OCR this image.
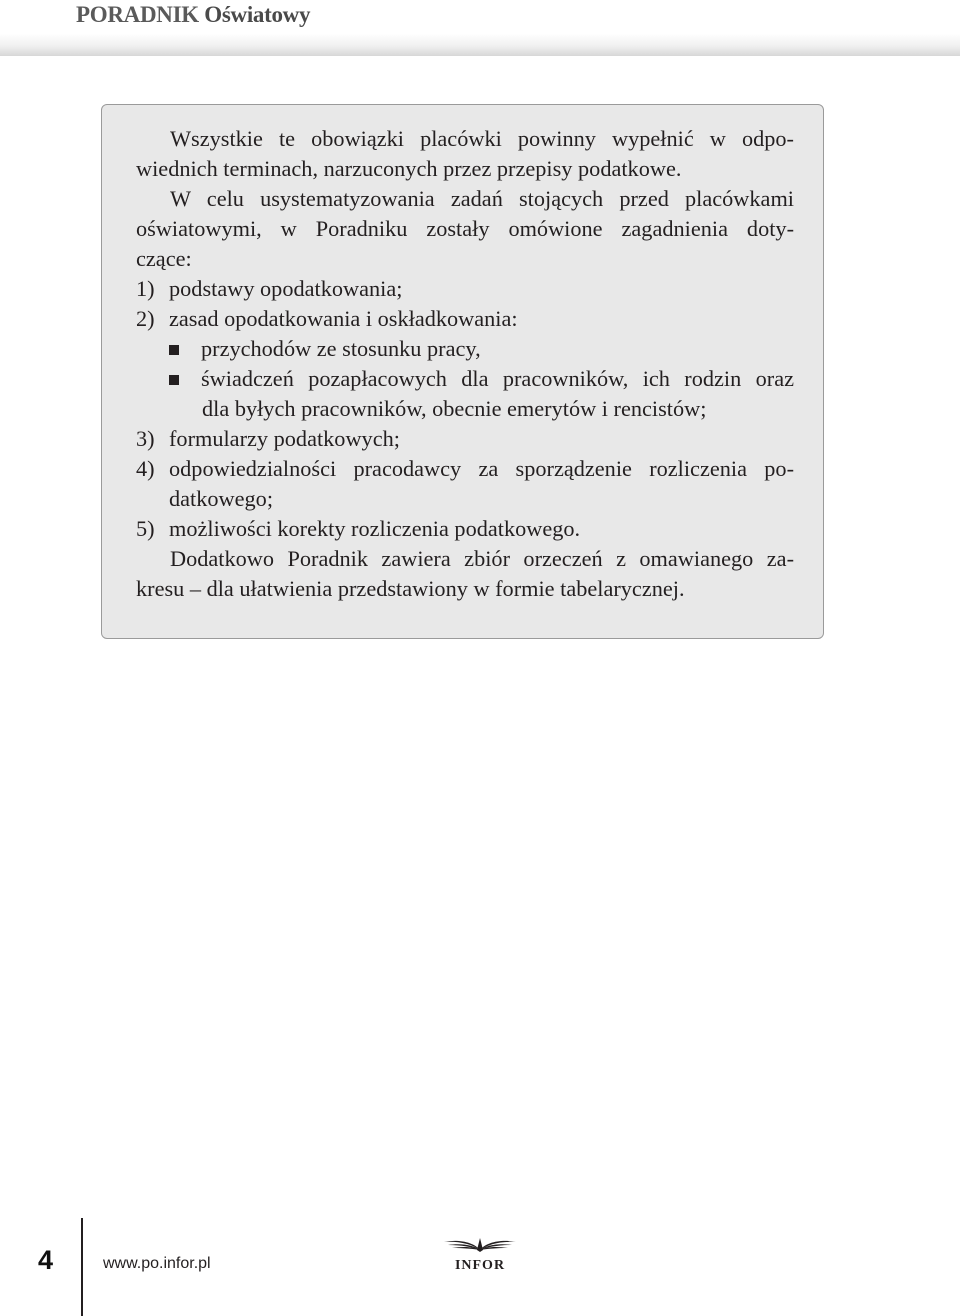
PORADNIK Oświatowy
Wszystkie te obowiązki placówki powinny wypełnić w odpo-
wiednich terminach, narzuconych przez przepisy podatkowe.
W celu usystematyzowania zadań stojących przed placówkami
oświatowymi, w Poradniku zostały omówione zagadnienia doty-
czące:
1) podstawy opodatkowania;
2) zasad opodatkowania i oskładkowania:
przychodów ze stosunku pracy,
świadczeń pozapłacowych dla pracowników, ich rodzin oraz
dla byłych pracowników, obecnie emerytów i rencistów;
3) formularzy podatkowych;
4) odpowiedzialności pracodawcy za sporządzenie rozliczenia po-
datkowego;
5) możliwości korekty rozliczenia podatkowego.
Dodatkowo Poradnik zawiera zbiór orzeczeń z omawianego za-
kresu – dla ułatwienia przedstawiony w formie tabelarycznej.
4	www.po.infor.pl	INFOR
